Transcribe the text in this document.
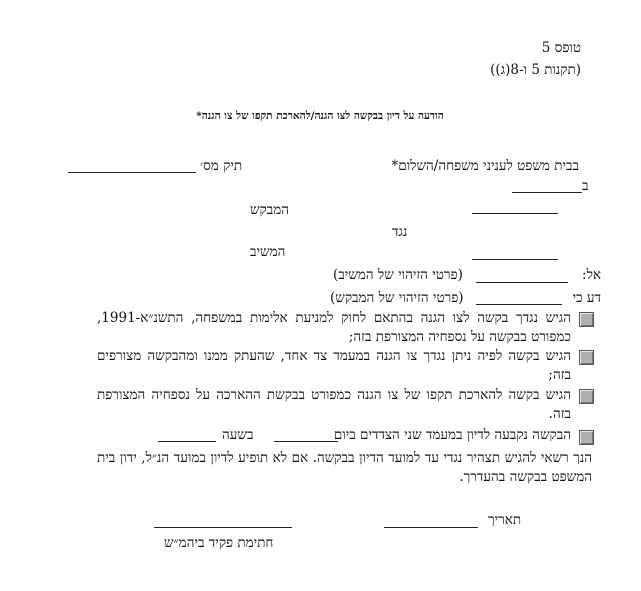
טופס 5
(תקנות 5 ו-8(ג))
הודעה על דיון בבקשה לצו הגנה/להארכת תקפו של צו הגנה*
בבית משפט לעניני משפחה/השלום*
תיק מס׳
ב
המבקש
נגד
המשיב
אל:
(פרטי הזיהוי של המשיב)
דע כי
(פרטי הזיהוי של המבקש)
הגיש נגדך בקשה לצו הגנה בהתאם לחוק למניעת אלימות במשפחה, התשנ״א-1991, כמפורט בבקשה על נספחיה המצורפת בזה;
הגיש בקשה לפיה ניתן נגדך צו הגנה במעמד צד אחד, שהעתק ממנו ומהבקשה מצורפים בזה;
הגיש בקשה להארכת תקפו של צו הגנה כמפורט בבקשת ההארכה על נספחיה המצורפת בזה.
הבקשה נקבעה לדיון במעמד שני הצדדים ביום
בשעה
הנך רשאי להגיש תצהיר נגדי עד למועד הדיון בבקשה. אם לא תופיע לדיון במועד הנ״ל, ידון בית המשפט בבקשה בהעדרך.
תאריך
חתימת פקיד ביהמ״ש
